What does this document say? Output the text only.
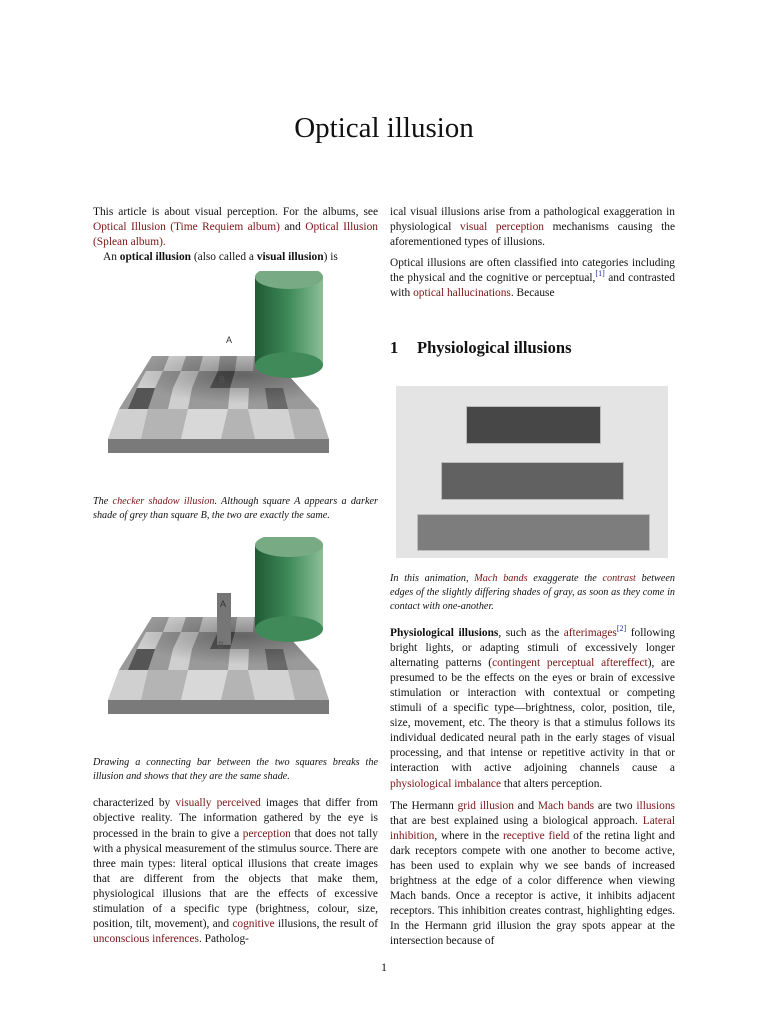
Optical illusion

This article is about visual perception. For the albums, see Optical Illusion (Time Requiem album) and Optical Illusion (Splean album).

An optical illusion (also called a visual illusion) is

A
B

The checker shadow illusion. Although square A appears a darker shade of grey than square B, the two are exactly the same.

A
B

Drawing a connecting bar between the two squares breaks the illusion and shows that they are the same shade.

characterized by visually perceived images that differ from objective reality. The information gathered by the eye is processed in the brain to give a perception that does not tally with a physical measurement of the stimulus source. There are three main types: literal optical illusions that create images that are different from the objects that make them, physiological illusions that are the effects of excessive stimulation of a specific type (brightness, colour, size, position, tilt, movement), and cognitive illusions, the result of unconscious inferences. Patholog-

ical visual illusions arise from a pathological exaggeration in physiological visual perception mechanisms causing the aforementioned types of illusions.

Optical illusions are often classified into categories including the physical and the cognitive or perceptual,[1] and contrasted with optical hallucinations. Because

1 Physiological illusions

In this animation, Mach bands exaggerate the contrast between edges of the slightly differing shades of gray, as soon as they come in contact with one-another.

Physiological illusions, such as the afterimages[2] following bright lights, or adapting stimuli of excessively longer alternating patterns (contingent perceptual aftereffect), are presumed to be the effects on the eyes or brain of excessive stimulation or interaction with contextual or competing stimuli of a specific type—brightness, color, position, tile, size, movement, etc. The theory is that a stimulus follows its individual dedicated neural path in the early stages of visual processing, and that intense or repetitive activity in that or interaction with active adjoining channels cause a physiological imbalance that alters perception.

The Hermann grid illusion and Mach bands are two illusions that are best explained using a biological approach. Lateral inhibition, where in the receptive field of the retina light and dark receptors compete with one another to become active, has been used to explain why we see bands of increased brightness at the edge of a color difference when viewing Mach bands. Once a receptor is active, it inhibits adjacent receptors. This inhibition creates contrast, highlighting edges. In the Hermann grid illusion the gray spots appear at the intersection because of

1
